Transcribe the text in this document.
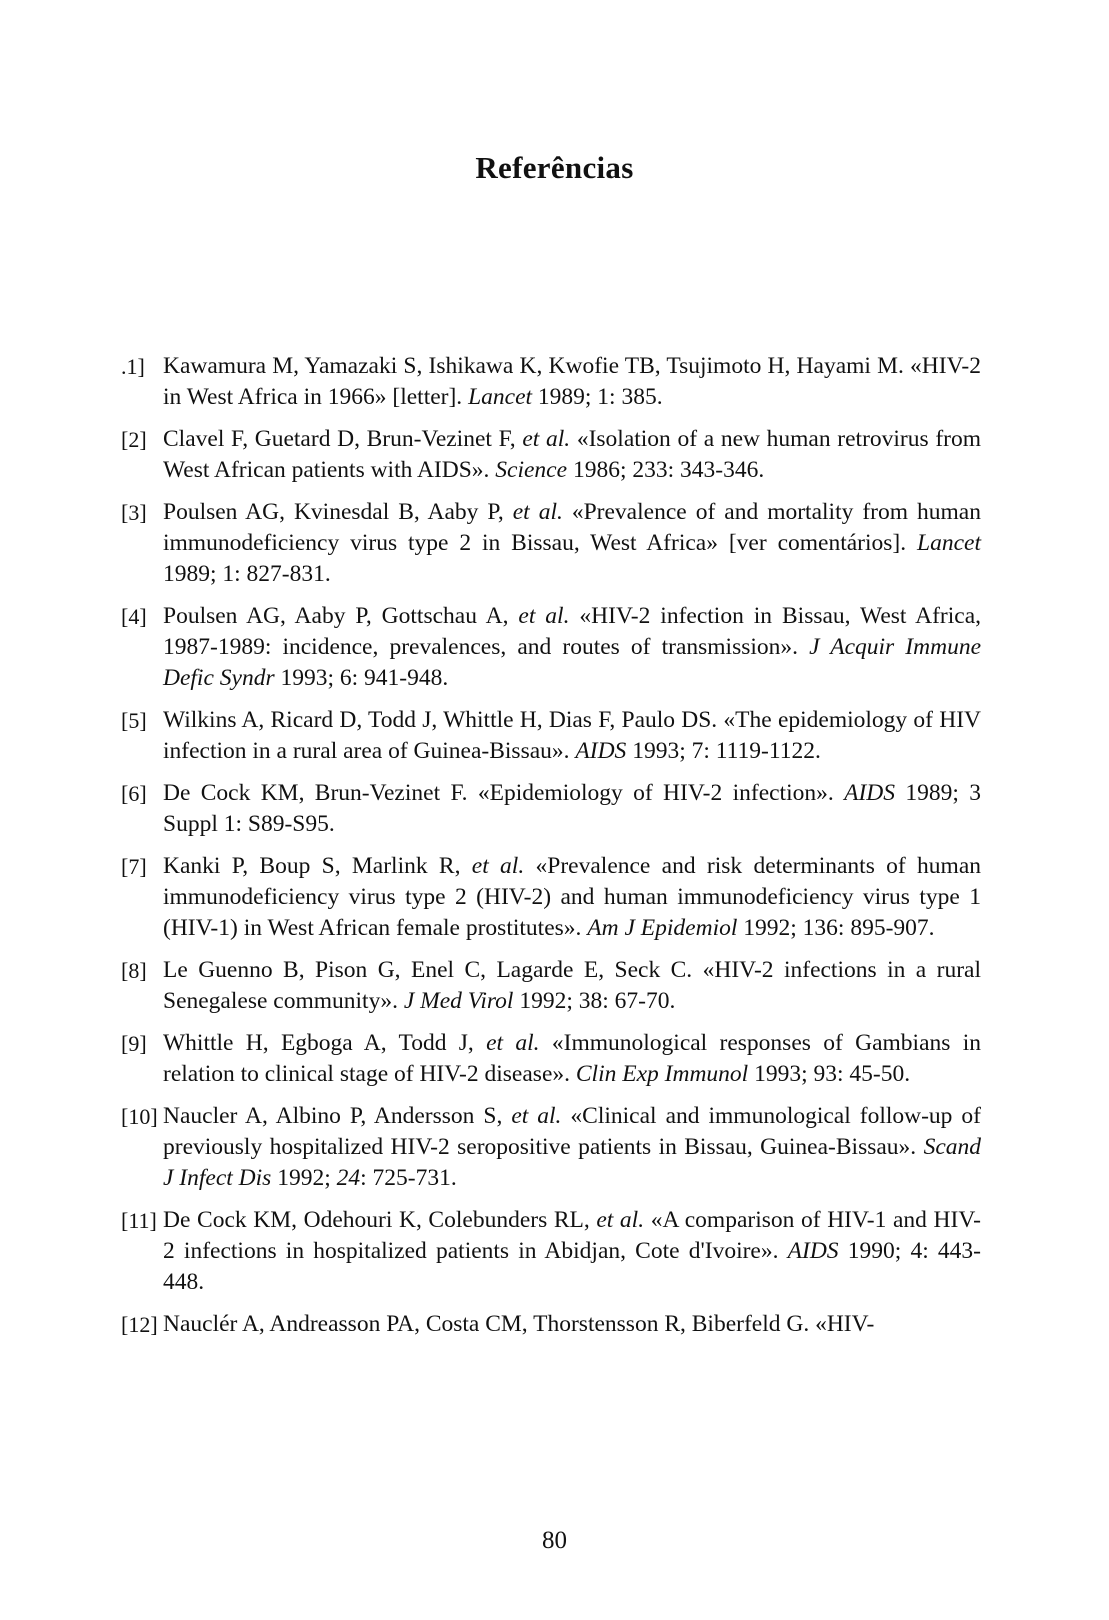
Referências
.1] Kawamura M, Yamazaki S, Ishikawa K, Kwofie TB, Tsujimoto H, Hayami M. «HIV-2 in West Africa in 1966» [letter]. Lancet 1989; 1: 385.
[2] Clavel F, Guetard D, Brun-Vezinet F, et al. «Isolation of a new human retrovirus from West African patients with AIDS». Science 1986; 233: 343-346.
[3] Poulsen AG, Kvinesdal B, Aaby P, et al. «Prevalence of and mortality from human immunodeficiency virus type 2 in Bissau, West Africa» [ver comentários]. Lancet 1989; 1: 827-831.
[4] Poulsen AG, Aaby P, Gottschau A, et al. «HIV-2 infection in Bissau, West Africa, 1987-1989: incidence, prevalences, and routes of transmission». J Acquir Immune Defic Syndr 1993; 6: 941-948.
[5] Wilkins A, Ricard D, Todd J, Whittle H, Dias F, Paulo DS. «The epidemiology of HIV infection in a rural area of Guinea-Bissau». AIDS 1993; 7: 1119-1122.
[6] De Cock KM, Brun-Vezinet F. «Epidemiology of HIV-2 infection». AIDS 1989; 3 Suppl 1: S89-S95.
[7] Kanki P, Boup S, Marlink R, et al. «Prevalence and risk determinants of human immunodeficiency virus type 2 (HIV-2) and human immunodeficiency virus type 1 (HIV-1) in West African female prostitutes». Am J Epidemiol 1992; 136: 895-907.
[8] Le Guenno B, Pison G, Enel C, Lagarde E, Seck C. «HIV-2 infections in a rural Senegalese community». J Med Virol 1992; 38: 67-70.
[9] Whittle H, Egboga A, Todd J, et al. «Immunological responses of Gambians in relation to clinical stage of HIV-2 disease». Clin Exp Immunol 1993; 93: 45-50.
[10] Naucler A, Albino P, Andersson S, et al. «Clinical and immunological follow-up of previously hospitalized HIV-2 seropositive patients in Bissau, Guinea-Bissau». Scand J Infect Dis 1992; 24: 725-731.
[11] De Cock KM, Odehouri K, Colebunders RL, et al. «A comparison of HIV-1 and HIV-2 infections in hospitalized patients in Abidjan, Cote d'Ivoire». AIDS 1990; 4: 443-448.
[12] Nauclér A, Andreasson PA, Costa CM, Thorstensson R, Biberfeld G. «HIV-
80
